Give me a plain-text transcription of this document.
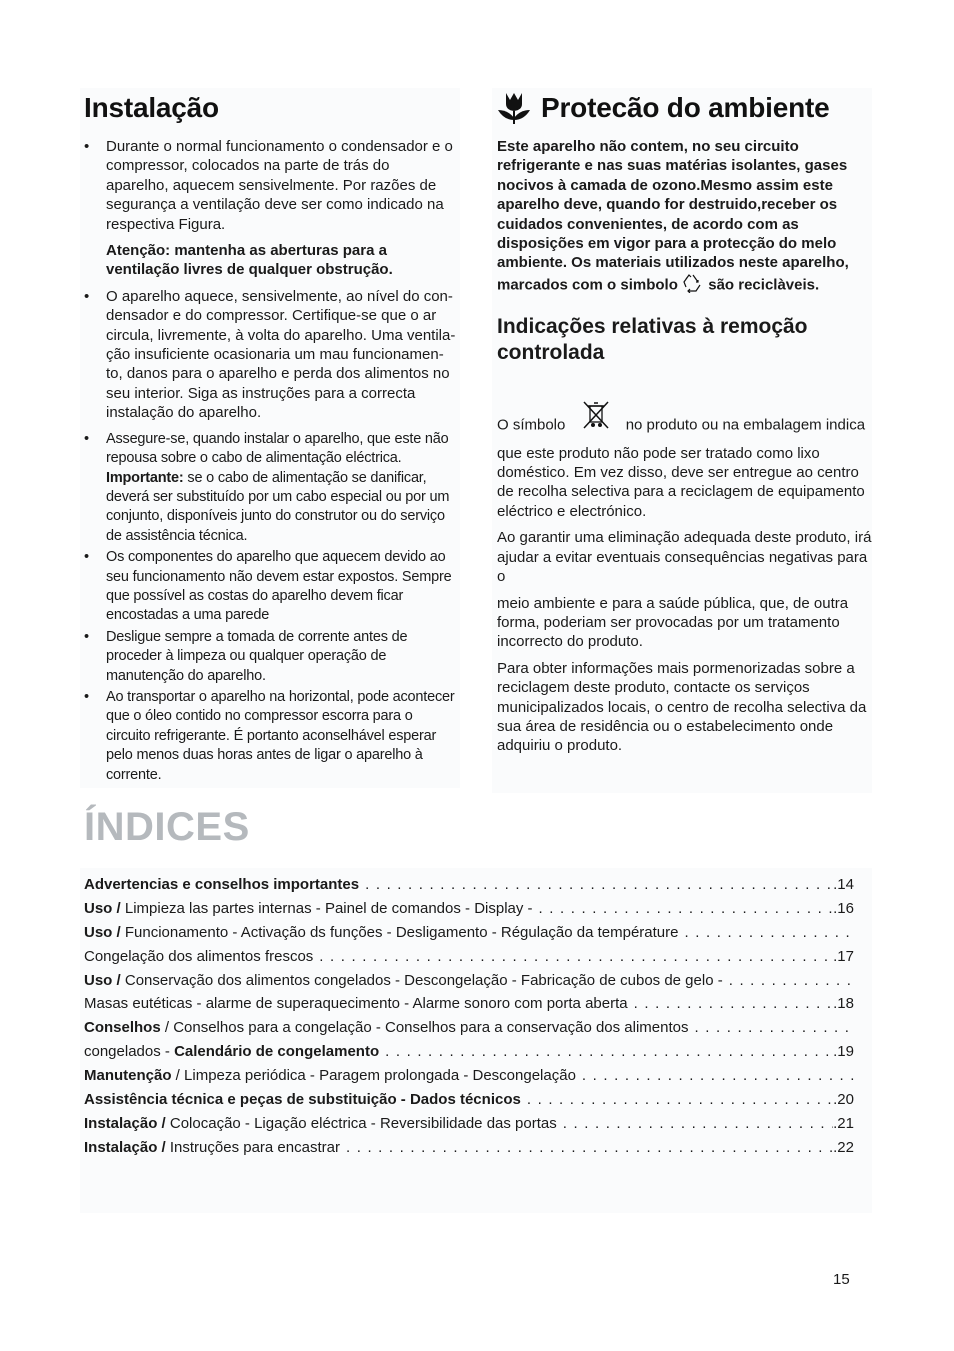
Instalação
• Durante o normal funcionamento o condensador e o compressor, colocados na parte de trás do aparelho, aquecem sensivelmente. Por razões de segurança a ventilação deve ser como indicado na respectiva Figura.
Atenção: mantenha as aberturas para a ventilação livres de qualquer obstrução.
• O aparelho aquece, sensivelmente, ao nível do con-densador e do compressor. Certifique-se que o ar circula, livremente, à volta do aparelho. Uma ventila-ção insuficiente ocasionaria um mau funcionamen-to, danos para o aparelho e perda dos alimentos no seu interior. Siga as instruções para a correcta instalação do aparelho.
• Assegure-se, quando instalar o aparelho, que este não repousa sobre o cabo de alimentação eléctrica. Importante: se o cabo de alimentação se danificar, deverá ser substituído por um cabo especial ou por um conjunto, disponíveis junto do construtor ou do serviço de assistência técnica.
• Os componentes do aparelho que aquecem devido ao seu funcionamento não devem estar expostos. Sempre que possível as costas do aparelho devem ficar encostadas a uma parede
• Desligue sempre a tomada de corrente antes de proceder à limpeza ou qualquer operação de manutenção do aparelho.
• Ao transportar o aparelho na horizontal, pode acontecer que o óleo contido no compressor escorra para o circuito refrigerante. É portanto aconselhável esperar pelo menos duas horas antes de ligar o aparelho à corrente.
Protecão do ambiente

Este aparelho não contem, no seu circuito refrigerante e nas suas matérias isolantes, gases nocivos à camada de ozono.Mesmo assim este aparelho deve, quando for destruido,receber os cuidados convenientes, de acordo com as disposições em vigor para a protecção do melo ambiente. Os materiais utilizados neste aparelho, marcados com o simbolo são reciclàveis.

Indicações relativas à remoção controlada

O símbolo	no produto ou na embalagem indica que este produto não pode ser tratado como lixo doméstico. Em vez disso, deve ser entregue ao centro de recolha selectiva para a reciclagem de equipamento eléctrico e electrónico.

Ao garantir uma eliminação adequada deste produto, irá ajudar a evitar eventuais consequências negativas para o

meio ambiente e para a saúde pública, que, de outra forma, poderiam ser provocadas por um tratamento incorrecto do produto.

Para obter informações mais pormenorizadas sobre a reciclagem deste produto, contacte os serviços municipalizados locais, o centro de recolha selectiva da sua área de residência ou o estabelecimento onde adquiriu o produto.

ÍNDICES
Advertencias e conselhos importantes . . .	.14
Uso / Limpieza las partes internas - Painel de comandos - Display - . . .	.16
Uso / Funcionamento - Activação ds funções - Desligamento - Régulação da température
. . .
Congelação dos alimentos frescos . . .	.17
Uso / Conservação dos alimentos congelados - Descongelação - Fabricação de cubos de gelo -
. . .
Masas eutéticas - alarme de superaquecimento - Alarme sonoro com porta aberta . . .	.18
Conselhos / Conselhos para a congelação - Conselhos para a conservação dos alimentos
. . .
congelados - Calendário de congelamento . . .	.19
Manutenção / Limpeza periódica - Paragem prolongada - Descongelação
. . .
Assistência técnica e peças de substituição - Dados técnicos . . .	.20
Instalação / Colocação - Ligação eléctrica - Reversibilidade das portas . . .	.21
Instalação / Instruções para encastrar . . .	.22
15
